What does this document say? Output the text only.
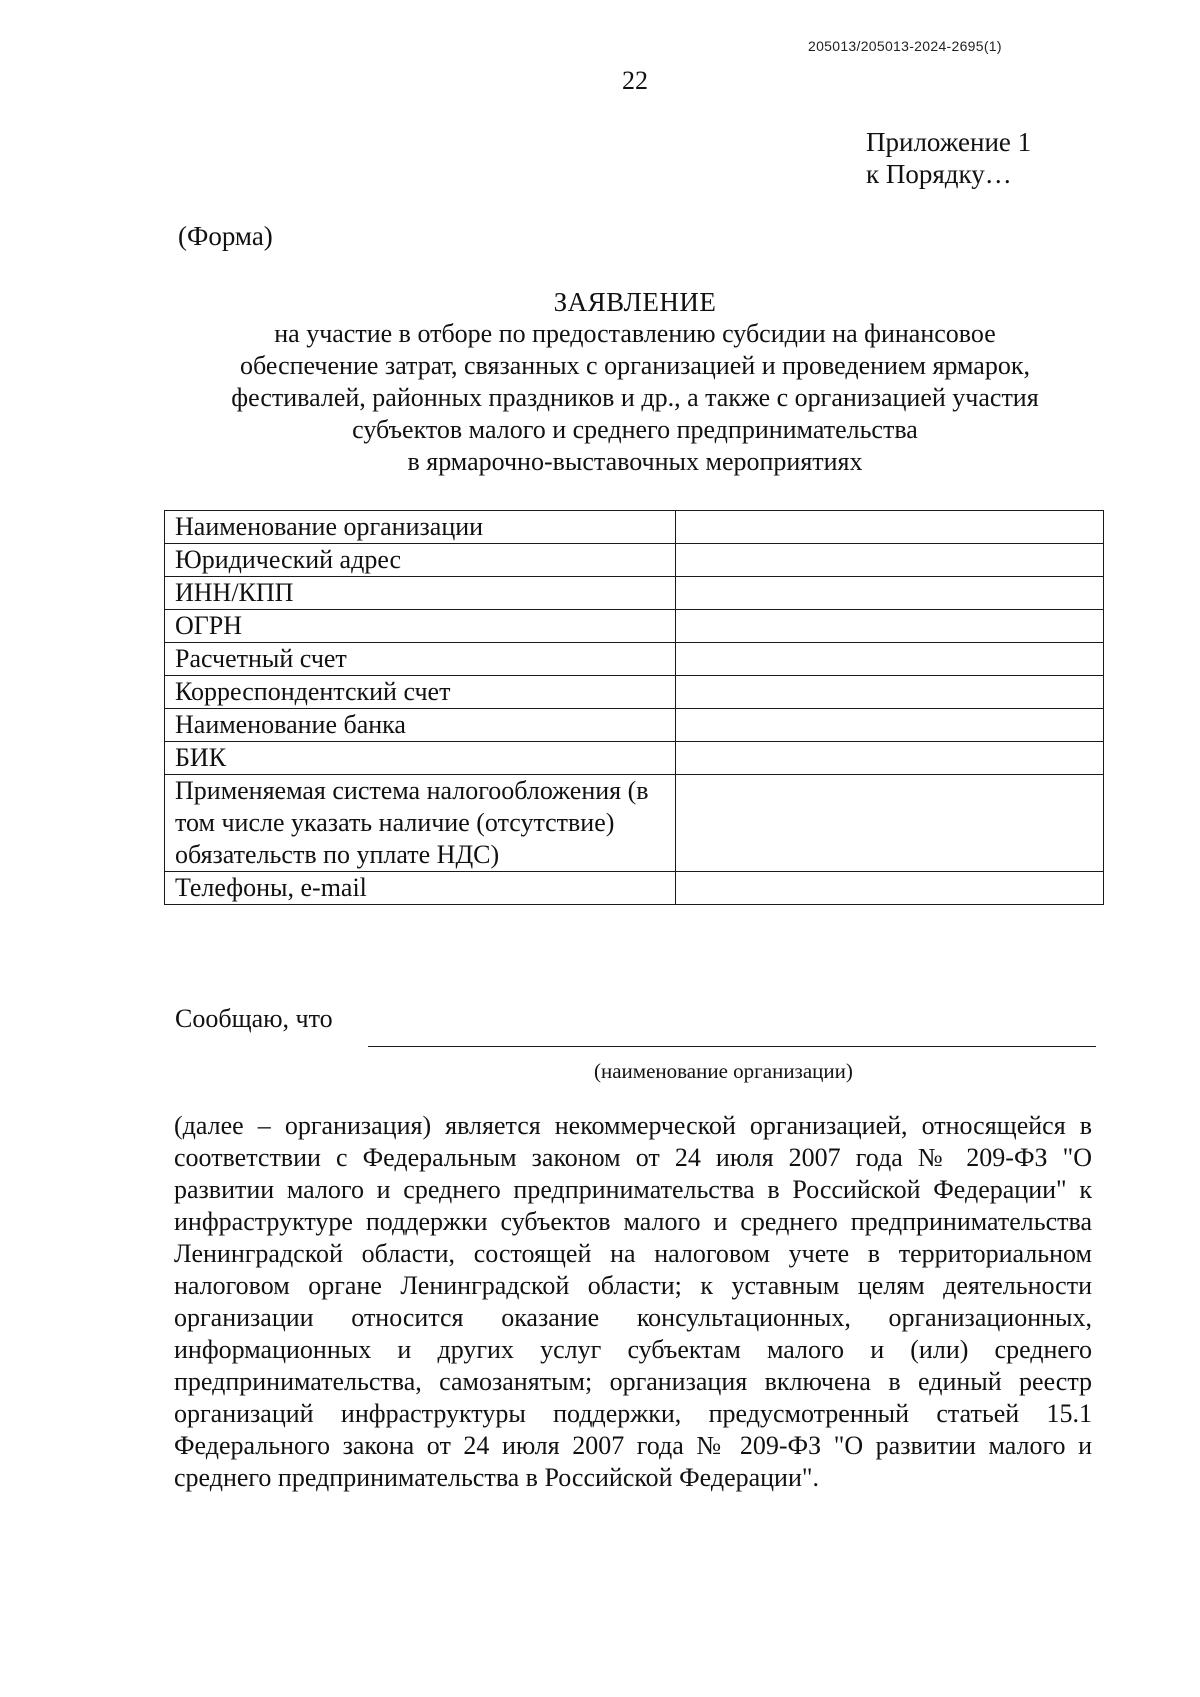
205013/205013-2024-2695(1)
22
Приложение 1
к Порядку…
(Форма)
ЗАЯВЛЕНИЕ
на участие в отборе по предоставлению субсидии на финансовое
обеспечение затрат, связанных с организацией и проведением ярмарок,
фестивалей, районных праздников и др., а также с организацией участия
субъектов малого и среднего предпринимательства
в ярмарочно-выставочных мероприятиях
Наименование организации	
Юридический адрес	
ИНН/КПП	
ОГРН	
Расчетный счет	
Корреспондентский счет	
Наименование банка	
БИК	
Применяемая система налогообложения (в том числе указать наличие (отсутствие) обязательств по уплате НДС)	
Телефоны, e-mail	
Сообщаю, что
(наименование организации)
(далее – организация) является некоммерческой организацией, относящейся в соответствии с Федеральным законом от 24 июля 2007 года № 209-ФЗ "О развитии малого и среднего предпринимательства в Российской Федерации" к инфраструктуре поддержки субъектов малого и среднего предпринимательства Ленинградской области, состоящей на налоговом учете в территориальном налоговом органе Ленинградской области; к уставным целям деятельности организации относится оказание консультационных, организационных, информационных и других услуг субъектам малого и (или) среднего предпринимательства, самозанятым; организация включена в единый реестр организаций инфраструктуры поддержки, предусмотренный статьей 15.1 Федерального закона от 24 июля 2007 года № 209-ФЗ "О развитии малого и среднего предпринимательства в Российской Федерации".
